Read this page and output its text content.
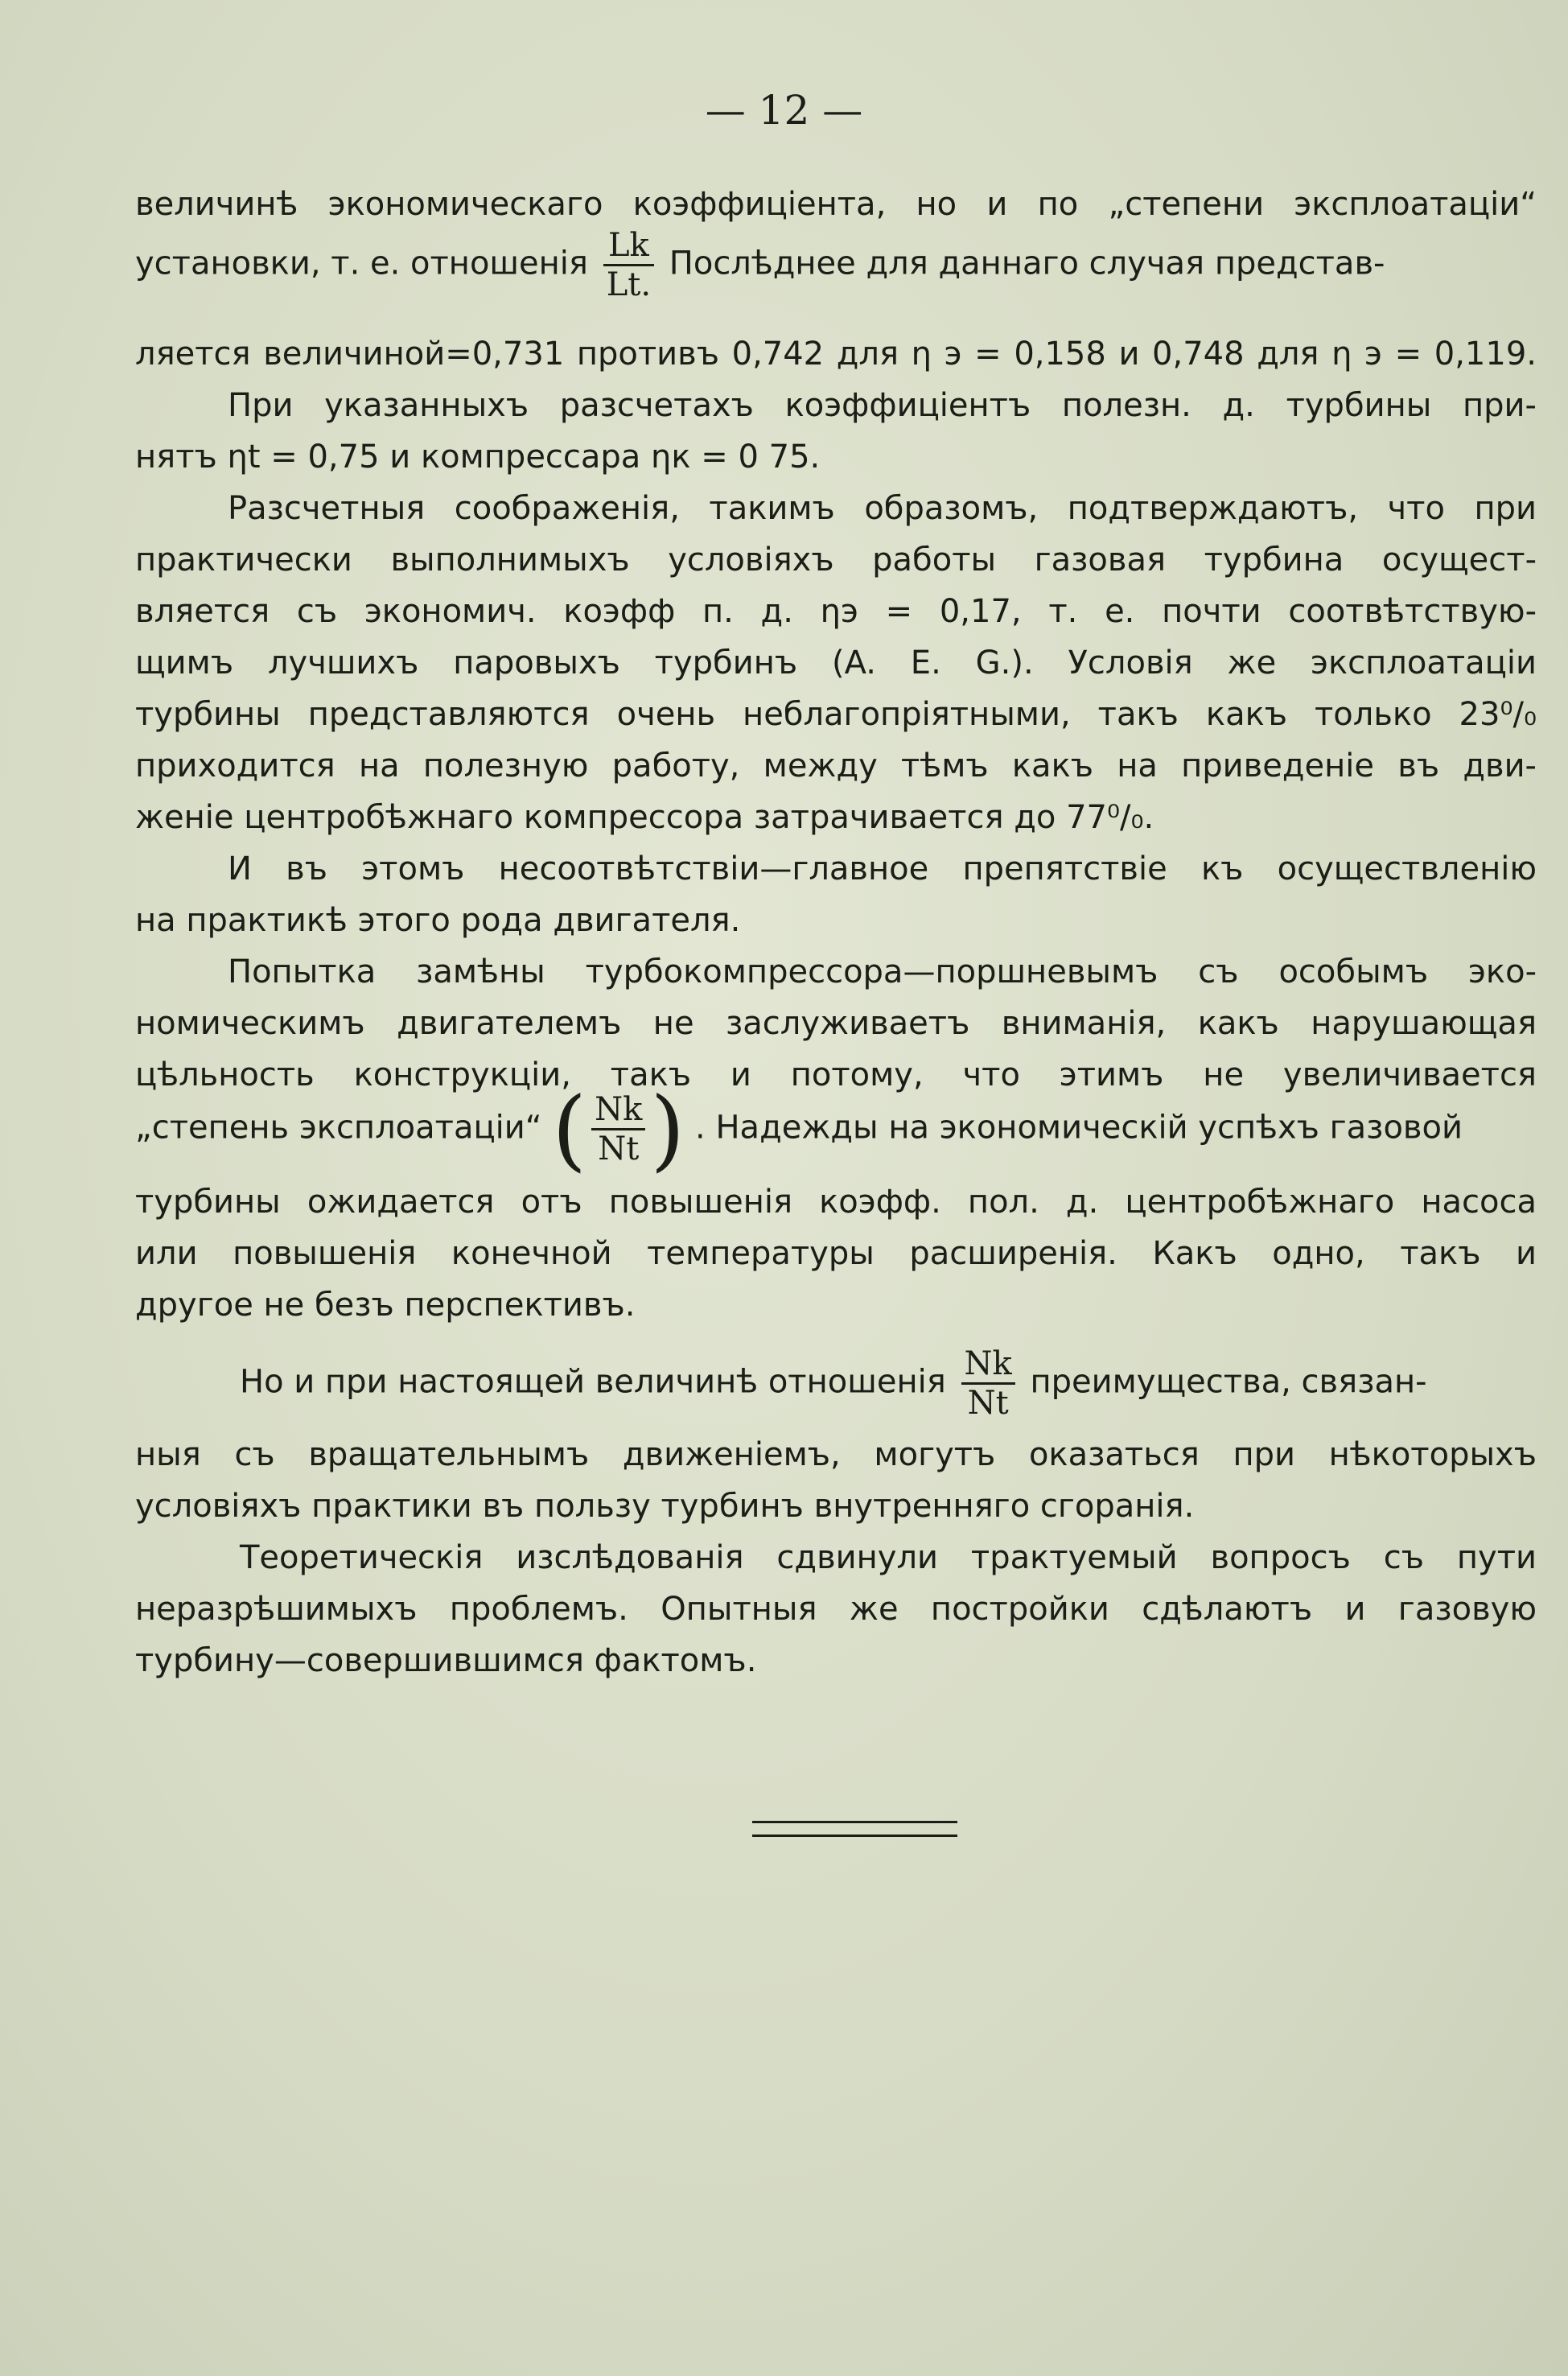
— 12 —
величинѣ экономическаго коэффиціента, но и по „степени эксплоатаціи“
установки, т. е. отношенія $\frac{Lk}{Lt.}$ Послѣднее для даннаго случая представ-
ляется величиной=0,731 противъ 0,742 для η э = 0,158 и 0,748 для η э = 0,119.
При указанныхъ разсчетахъ коэффиціентъ полезн. д. турбины при-
нятъ ηt = 0,75 и компрессара ηк = 0 75.
Разсчетныя соображенія, такимъ образомъ, подтверждаютъ, что при
практически выполнимыхъ условіяхъ работы газовая турбина осущест-
вляется съ экономич. коэфф п. д. ηэ = 0,17, т. е. почти соотвѣтствую-
щимъ лучшихъ паровыхъ турбинъ (A. E. G.). Условія же эксплоатаціи
турбины представляются очень неблагопріятными, такъ какъ только 23⁰/₀
приходится на полезную работу, между тѣмъ какъ на приведеніе въ дви-
женіе центробѣжнаго компрессора затрачивается до 77⁰/₀.
И въ этомъ несоотвѣтствіи—главное препятствіе къ осуществленію
на практикѣ этого рода двигателя.
Попытка замѣны турбокомпрессора—поршневымъ съ особымъ эко-
номическимъ двигателемъ не заслуживаетъ вниманія, какъ нарушающая
цѣльность конструкціи, такъ и потому, что этимъ не увеличивается
„степень эксплоатаціи“ ( $\frac{Nk}{Nt}$ ) . Надежды на экономическій успѣхъ газовой
турбины ожидается отъ повышенія коэфф. пол. д. центробѣжнаго насоса
или повышенія конечной температуры расширенія. Какъ одно, такъ и
другое не безъ перспективъ.
Но и при настоящей величинѣ отношенія $\frac{Nk}{Nt}$ преимущества, связан-
ныя съ вращательнымъ движеніемъ, могутъ оказаться при нѣкоторыхъ
условіяхъ практики въ пользу турбинъ внутренняго сгоранія.
Теоретическія изслѣдованія сдвинули трактуемый вопросъ съ пути
неразрѣшимыхъ проблемъ. Опытныя же постройки сдѣлаютъ и газовую
турбину—совершившимся фактомъ.
